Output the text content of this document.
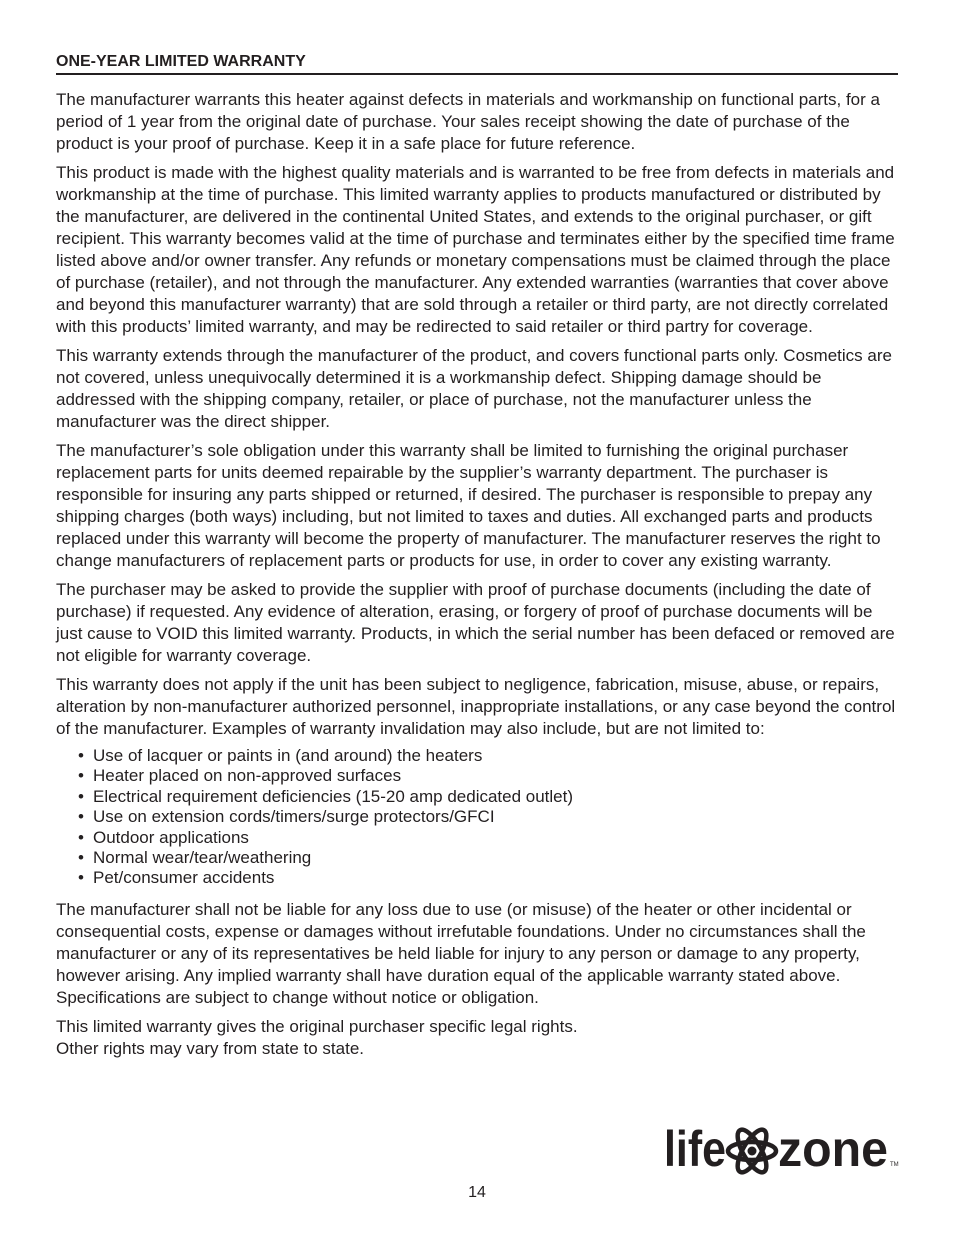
ONE-YEAR LIMITED WARRANTY

The manufacturer warrants this heater against defects in materials and workmanship on functional parts, for a period of 1 year from the original date of purchase. Your sales receipt showing the date of purchase of the product is your proof of purchase. Keep it in a safe place for future reference.

This product is made with the highest quality materials and is warranted to be free from defects in materials and workmanship at the time of purchase. This limited warranty applies to products manufactured or distributed by the manufacturer, are delivered in the continental United States, and extends to the original purchaser, or gift recipient. This warranty becomes valid at the time of purchase and terminates either by the specified time frame listed above and/or owner transfer. Any refunds or monetary compensations must be claimed through the place of purchase (retailer), and not through the manufacturer. Any extended warranties (warranties that cover above and beyond this manufacturer warranty) that are sold through a retailer or third party, are not directly correlated with this products’ limited warranty, and may be redirected to said retailer or third partry for coverage.

This warranty extends through the manufacturer of the product, and covers functional parts only. Cosmetics are not covered, unless unequivocally determined it is a workmanship defect. Shipping damage should be addressed with the shipping company, retailer, or place of purchase, not the manufacturer unless the manufacturer was the direct shipper.

The manufacturer’s sole obligation under this warranty shall be limited to furnishing the original purchaser replacement parts for units deemed repairable by the supplier’s warranty department. The purchaser is responsible for insuring any parts shipped or returned, if desired. The purchaser is responsible to prepay any shipping charges (both ways) including, but not limited to taxes and duties. All exchanged parts and products replaced under this warranty will become the property of manufacturer. The manufacturer reserves the right to change manufacturers of replacement parts or products for use, in order to cover any existing warranty.

The purchaser may be asked to provide the supplier with proof of purchase documents (including the date of purchase) if requested. Any evidence of alteration, erasing, or forgery of proof of purchase documents will be just cause to VOID this limited warranty. Products, in which the serial number has been defaced or removed are not eligible for warranty coverage.

This warranty does not apply if the unit has been subject to negligence, fabrication, misuse, abuse, or repairs, alteration by non-manufacturer authorized personnel, inappropriate installations, or any case beyond the control of the manufacturer. Examples of warranty invalidation may also include, but are not limited to:

• Use of lacquer or paints in (and around) the heaters
• Heater placed on non-approved surfaces
• Electrical requirement deficiencies (15-20 amp dedicated outlet)
• Use on extension cords/timers/surge protectors/GFCI
• Outdoor applications
• Normal wear/tear/weathering
• Pet/consumer accidents

The manufacturer shall not be liable for any loss due to use (or misuse) of the heater or other incidental or consequential costs, expense or damages without irrefutable foundations. Under no circumstances shall the manufacturer or any of its representatives be held liable for injury to any person or damage to any property, however arising. Any implied warranty shall have duration equal of the applicable warranty stated above. Specifications are subject to change without notice or obligation.

This limited warranty gives the original purchaser specific legal rights.
Other rights may vary from state to state.

life zone TM
14
